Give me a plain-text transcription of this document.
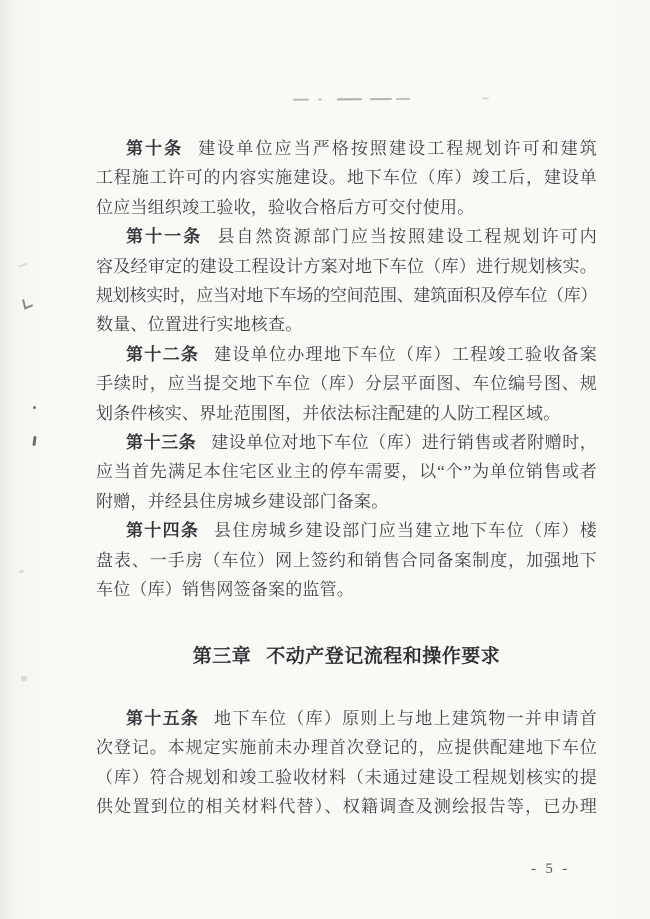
第十条 建设单位应当严格按照建设工程规划许可和建筑
工程施工许可的内容实施建设。地下车位（库）竣工后，建设单
位应当组织竣工验收，验收合格后方可交付使用。
第十一条 县自然资源部门应当按照建设工程规划许可内
容及经审定的建设工程设计方案对地下车位（库）进行规划核实。
规划核实时，应当对地下车场的空间范围、建筑面积及停车位（库）
数量、位置进行实地核查。
第十二条 建设单位办理地下车位（库）工程竣工验收备案
手续时，应当提交地下车位（库）分层平面图、车位编号图、规
划条件核实、界址范围图，并依法标注配建的人防工程区域。
第十三条 建设单位对地下车位（库）进行销售或者附赠时，
应当首先满足本住宅区业主的停车需要，以“个”为单位销售或者
附赠，并经县住房城乡建设部门备案。
第十四条 县住房城乡建设部门应当建立地下车位（库）楼
盘表、一手房（车位）网上签约和销售合同备案制度，加强地下
车位（库）销售网签备案的监管。
第三章 不动产登记流程和操作要求
第十五条 地下车位（库）原则上与地上建筑物一并申请首
次登记。本规定实施前未办理首次登记的，应提供配建地下车位
（库）符合规划和竣工验收材料（未通过建设工程规划核实的提
供处置到位的相关材料代替）、权籍调查及测绘报告等，已办理
- 5 -
